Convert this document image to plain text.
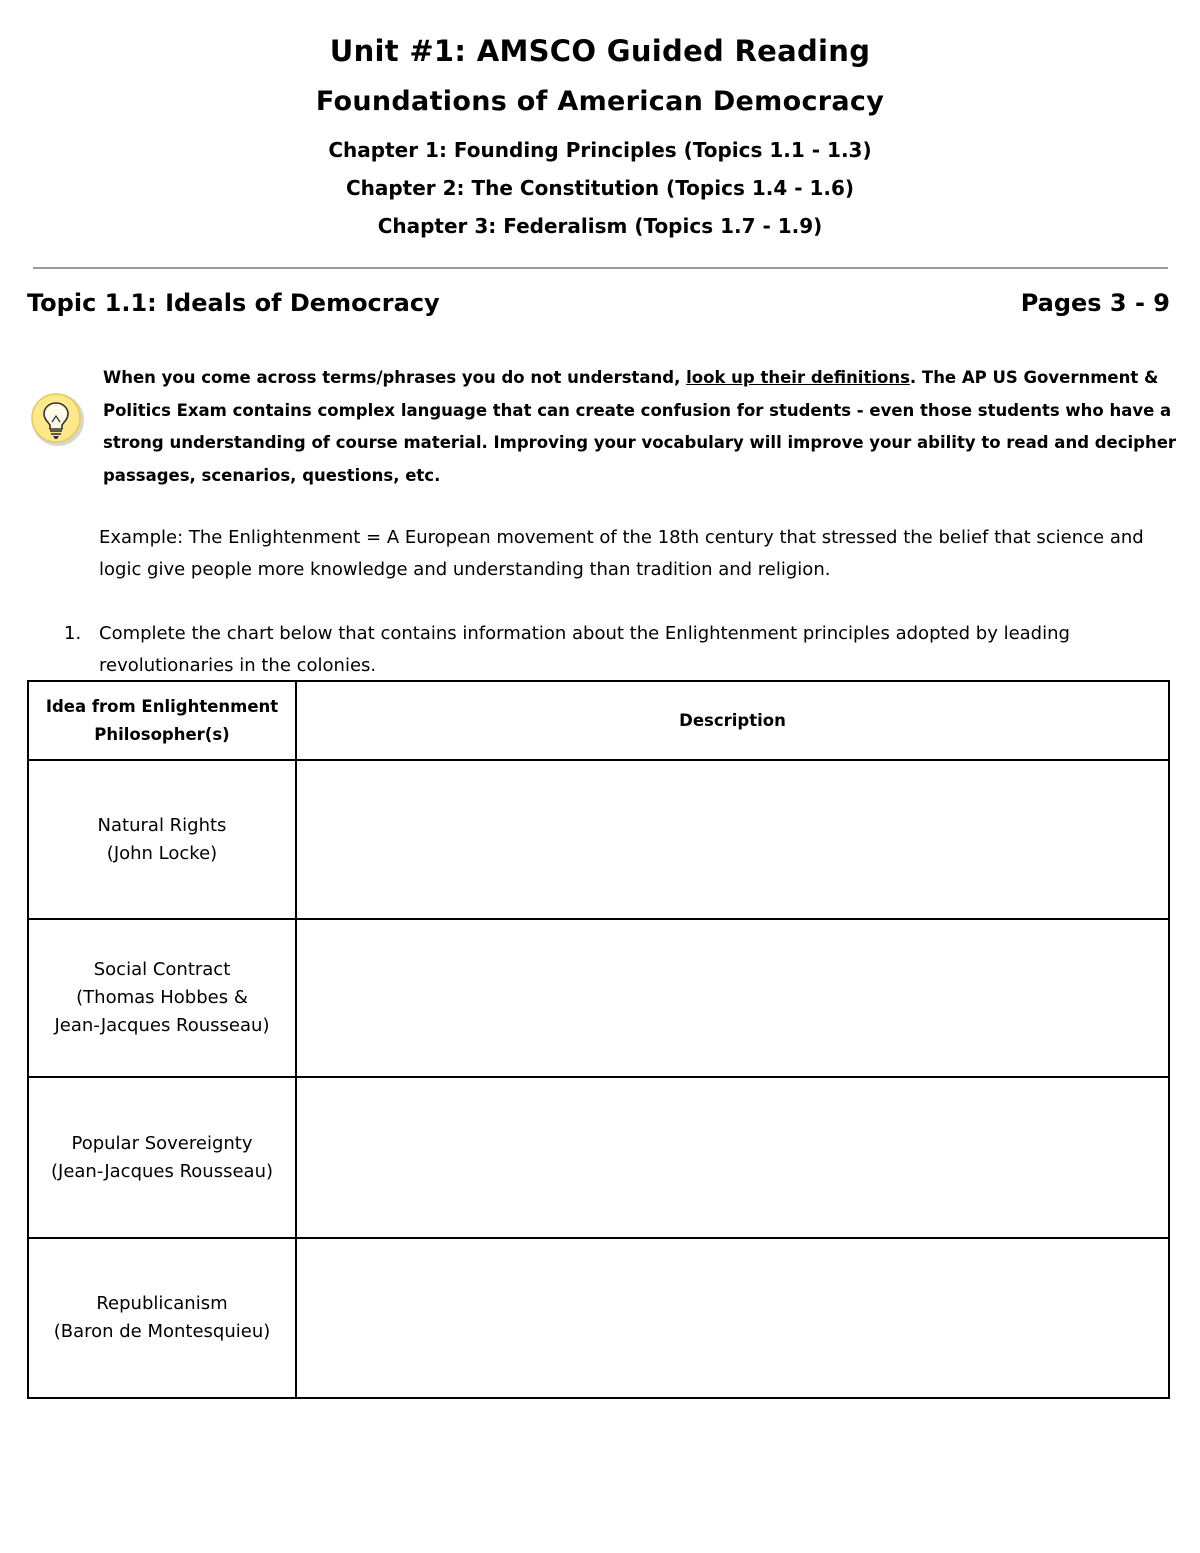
Unit #1: AMSCO Guided Reading
Foundations of American Democracy
Chapter 1: Founding Principles (Topics 1.1 - 1.3)
Chapter 2: The Constitution (Topics 1.4 - 1.6)
Chapter 3: Federalism (Topics 1.7 - 1.9)
Topic 1.1: Ideals of Democracy	Pages 3 - 9
When you come across terms/phrases you do not understand, look up their definitions. The AP US Government & Politics Exam contains complex language that can create confusion for students - even those students who have a strong understanding of course material. Improving your vocabulary will improve your ability to read and decipher passages, scenarios, questions, etc.
Example: The Enlightenment = A European movement of the 18th century that stressed the belief that science and logic give people more knowledge and understanding than tradition and religion.
1. Complete the chart below that contains information about the Enlightenment principles adopted by leading revolutionaries in the colonies.
Idea from Enlightenment
Philosopher(s)	Description

Natural Rights
(John Locke)	

Social Contract
(Thomas Hobbes &
Jean-Jacques Rousseau)	

Popular Sovereignty
(Jean-Jacques Rousseau)	

Republicanism
(Baron de Montesquieu)	
